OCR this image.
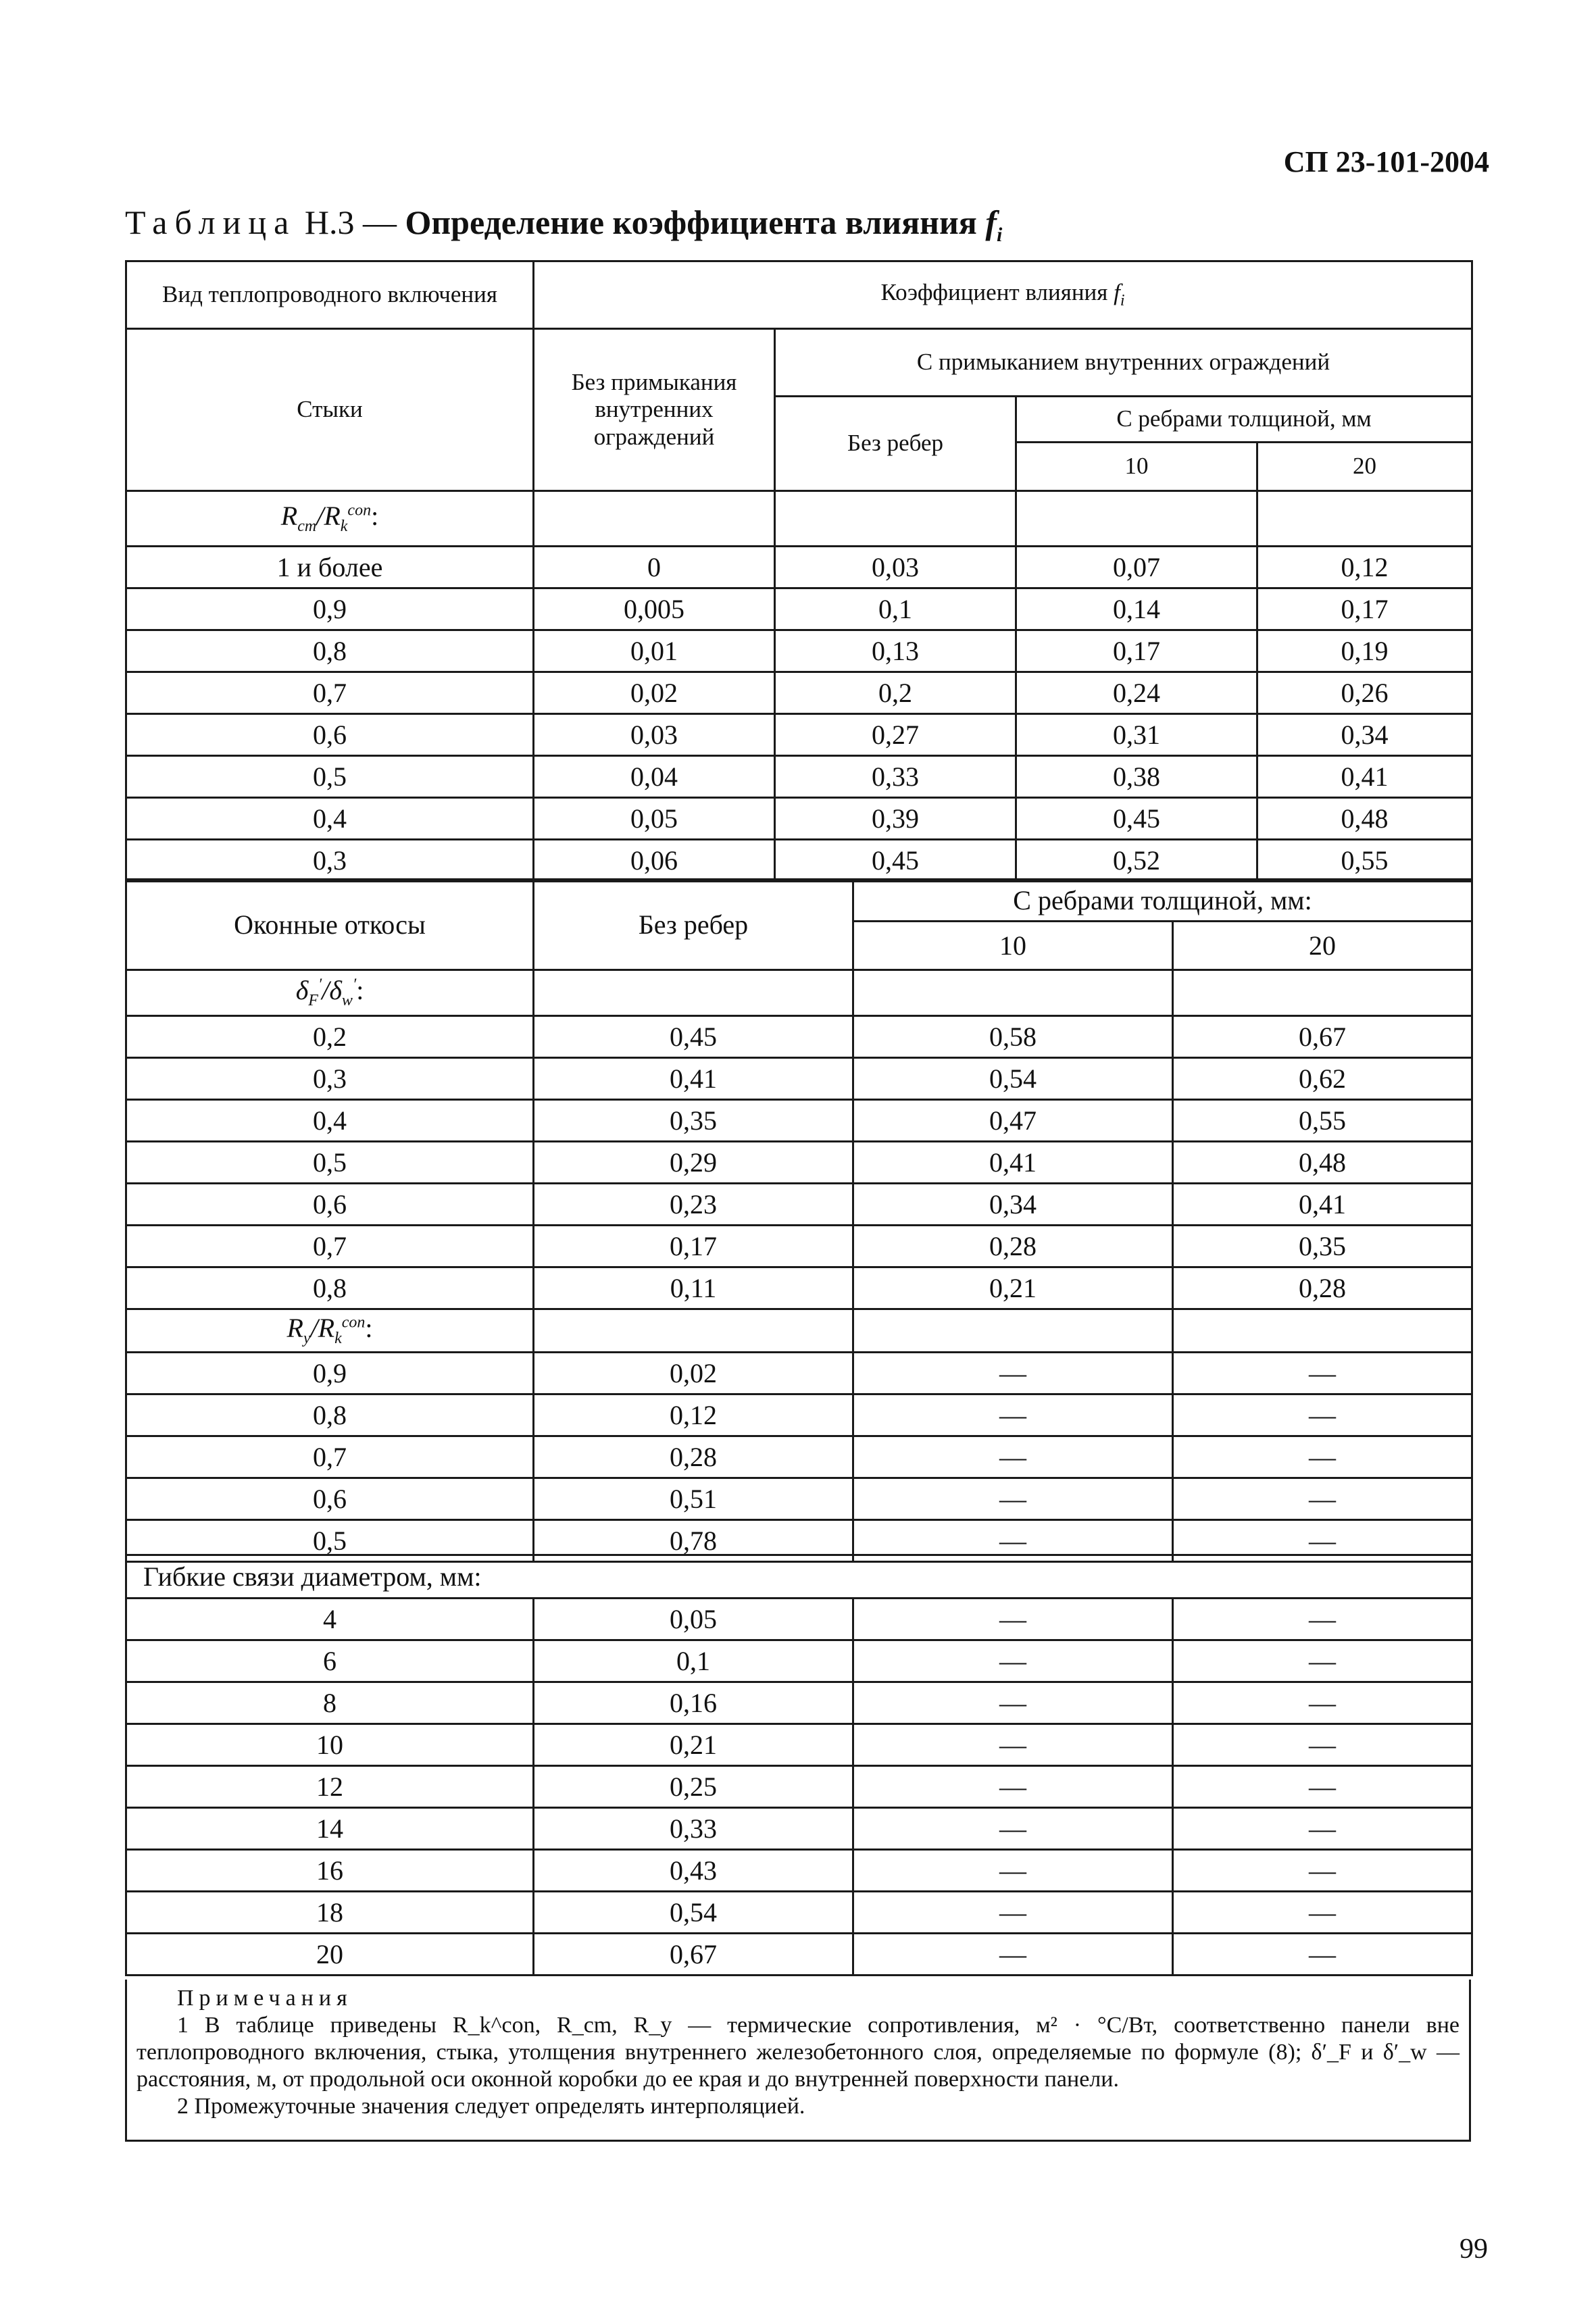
СП 23-101-2004
Таблица Н.3 — Определение коэффициента влияния $f_i$
Вид теплопроводного включения	Коэффициент влияния $f_i$
Стыки	Без примыкания внутренних ограждений	С примыканием внутренних ограждений		
		Без ребер	С ребрами толщиной, мм	
			10	20
$R_{cm}/R_k^{con}$:				
1 и более	0	0,03	0,07	0,12
0,9	0,005	0,1	0,14	0,17
0,8	0,01	0,13	0,17	0,19
0,7	0,02	0,2	0,24	0,26
0,6	0,03	0,27	0,31	0,34
0,5	0,04	0,33	0,38	0,41
0,4	0,05	0,39	0,45	0,48
0,3	0,06	0,45	0,52	0,55
Оконные откосы	Без ребер	С ребрами толщиной, мм:	
		10	20
$\delta_F'/\delta_w'$:			
0,2	0,45	0,58	0,67
0,3	0,41	0,54	0,62
0,4	0,35	0,47	0,55
0,5	0,29	0,41	0,48
0,6	0,23	0,34	0,41
0,7	0,17	0,28	0,35
0,8	0,11	0,21	0,28
$R_y/R_k^{con}$:			
0,9	0,02	—	—
0,8	0,12	—	—
0,7	0,28	—	—
0,6	0,51	—	—
0,5	0,78	—	—
Гибкие связи диаметром, мм:			
4	0,05	—	—
6	0,1	—	—
8	0,16	—	—
10	0,21	—	—
12	0,25	—	—
14	0,33	—	—
16	0,43	—	—
18	0,54	—	—
20	0,67	—	—
Примечания
1 В таблице приведены R_k^con, R_cm, R_y — термические сопротивления, м² · °С/Вт, соответственно панели вне теплопроводного включения, стыка, утолщения внутреннего железобетонного слоя, определяемые по формуле (8); δ′_F и δ′_w — расстояния, м, от продольной оси оконной коробки до ее края и до внутренней поверхности панели.
2 Промежуточные значения следует определять интерполяцией.
99
